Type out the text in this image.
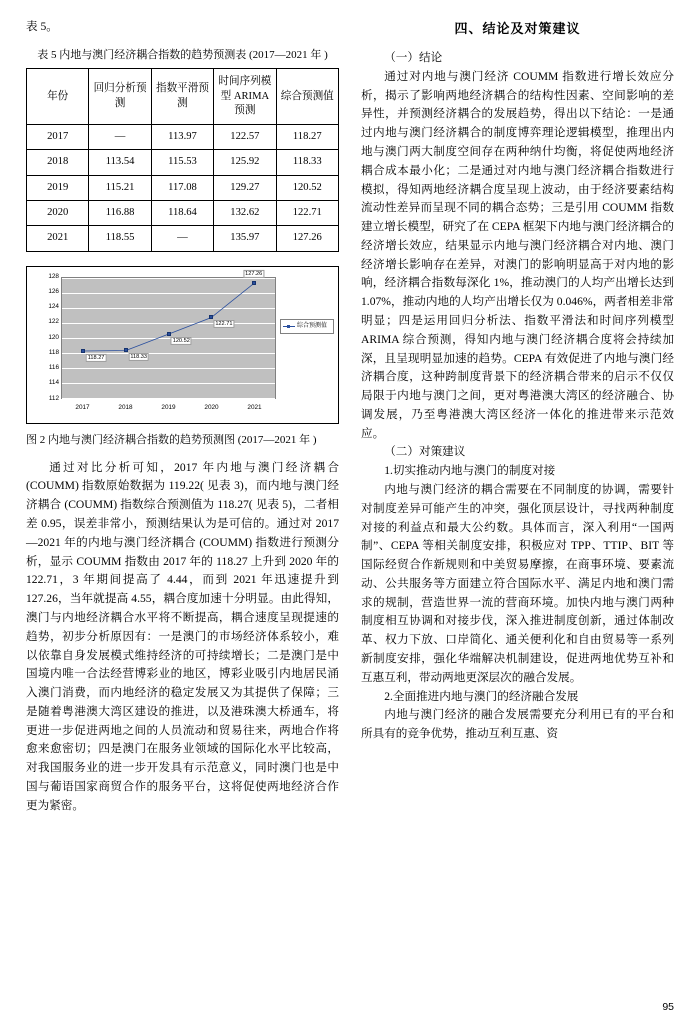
表 5。

表 5 内地与澳门经济耦合指数的趋势预测表 (2017—2021 年 )

年份	回归分析预测	指数平滑预测	时间序列模型 ARIMA 预测	综合预测值
2017	—	113.97	122.57	118.27
2018	113.54	115.53	125.92	118.33
2019	115.21	117.08	129.27	120.52
2020	116.88	118.64	132.62	122.71
2021	118.55	—	135.97	127.26
118.27	118.33
120.52
122.71
127.26
128
126
124
122
120
118
116
114
112
2017	2018	2019	2020	2021
综合预测值

图 2 内地与澳门经济耦合指数的趋势预测图 (2017—2021 年 )

通过对比分析可知，2017 年内地与澳门经济耦合 (COUMM) 指数原始数据为 119.22( 见表 3)，而内地与澳门经济耦合 (COUMM) 指数综合预测值为 118.27( 见表 5)，二者相差 0.95，误差非常小，预测结果认为是可信的。通过对 2017—2021 年的内地与澳门经济耦合 (COUMM) 指数进行预测分析，显示 COUMM 指数由 2017 年的 118.27 上升到 2020 年的 122.71，3 年期间提高了 4.44，而到 2021 年迅速提升到 127.26，当年就提高 4.55，耦合度加速十分明显。由此得知，澳门与内地经济耦合水平将不断提高，耦合速度呈现提速的趋势，初步分析原因有：一是澳门的市场经济体系较小，难以依靠自身发展模式维持经济的可持续增长；二是澳门是中国境内唯一合法经营博彩业的地区，博彩业吸引内地居民涌入澳门消费，而内地经济的稳定发展又为其提供了保障；三是随着粤港澳大湾区建设的推进，以及港珠澳大桥通车，将更进一步促进两地之间的人员流动和贸易往来，两地合作将愈来愈密切；四是澳门在服务业领域的国际化水平比较高，对我国服务业的进一步开发具有示范意义，同时澳门也是中国与葡语国家商贸合作的服务平台，这将促使两地经济合作更为紧密。

四、结论及对策建议
（一）结论

通过对内地与澳门经济 COUMM 指数进行增长效应分析，揭示了影响两地经济耦合的结构性因素、空间影响的差异性，并预测经济耦合的发展趋势，得出以下结论：一是通过内地与澳门经济耦合的制度博弈理论逻辑模型，推理出内地与澳门两大制度空间存在两种纳什均衡，将促使两地经济耦合成本最小化；二是通过对内地与澳门经济耦合指数进行模拟，得知两地经济耦合度呈现上波动，由于经济要素结构流动性差异而呈现不同的耦合态势；三是引用 COUMM 指数建立增长模型，研究了在 CEPA 框架下内地与澳门经济耦合的经济增长效应，结果显示内地与澳门经济耦合对内地、澳门经济增长影响存在差异，对澳门的影响明显高于对内地的影响，经济耦合指数每深化 1%，推动澳门的人均产出增长达到 1.07%，推动内地的人均产出增长仅为 0.046%，两者相差非常明显；四是运用回归分析法、指数平滑法和时间序列模型 ARIMA 综合预测，得知内地与澳门经济耦合度将会持续加深，且呈现明显加速的趋势。CEPA 有效促进了内地与澳门经济耦合度，这种跨制度背景下的经济耦合带来的启示不仅仅局限于内地与澳门之间，更对粤港澳大湾区的经济融合、协调发展，乃至粤港澳大湾区经济一体化的推进带来示范效应。

（二）对策建议

1.切实推动内地与澳门的制度对接

内地与澳门经济的耦合需要在不同制度的协调，需要针对制度差异可能产生的冲突，强化顶层设计，寻找两种制度对接的利益点和最大公约数。具体而言，深入利用“一国两制”、CEPA 等相关制度安排，积极应对 TPP、TTIP、BIT 等国际经贸合作新规则和中美贸易摩擦，在商事环境、要素流动、公共服务等方面建立符合国际水平、满足内地和澳门需求的规制，营造世界一流的营商环境。加快内地与澳门两种制度相互协调和对接步伐，深入推进制度创新，通过体制改革、权力下放、口岸简化、通关便利化和自由贸易等一系列新制度安排，强化华端解决机制建设，促进两地优势互补和互惠互利，带动两地更深层次的融合发展。

2.全面推进内地与澳门的经济融合发展

内地与澳门经济的融合发展需要充分利用已有的平台和所具有的竞争优势，推动互利互惠、资

95
